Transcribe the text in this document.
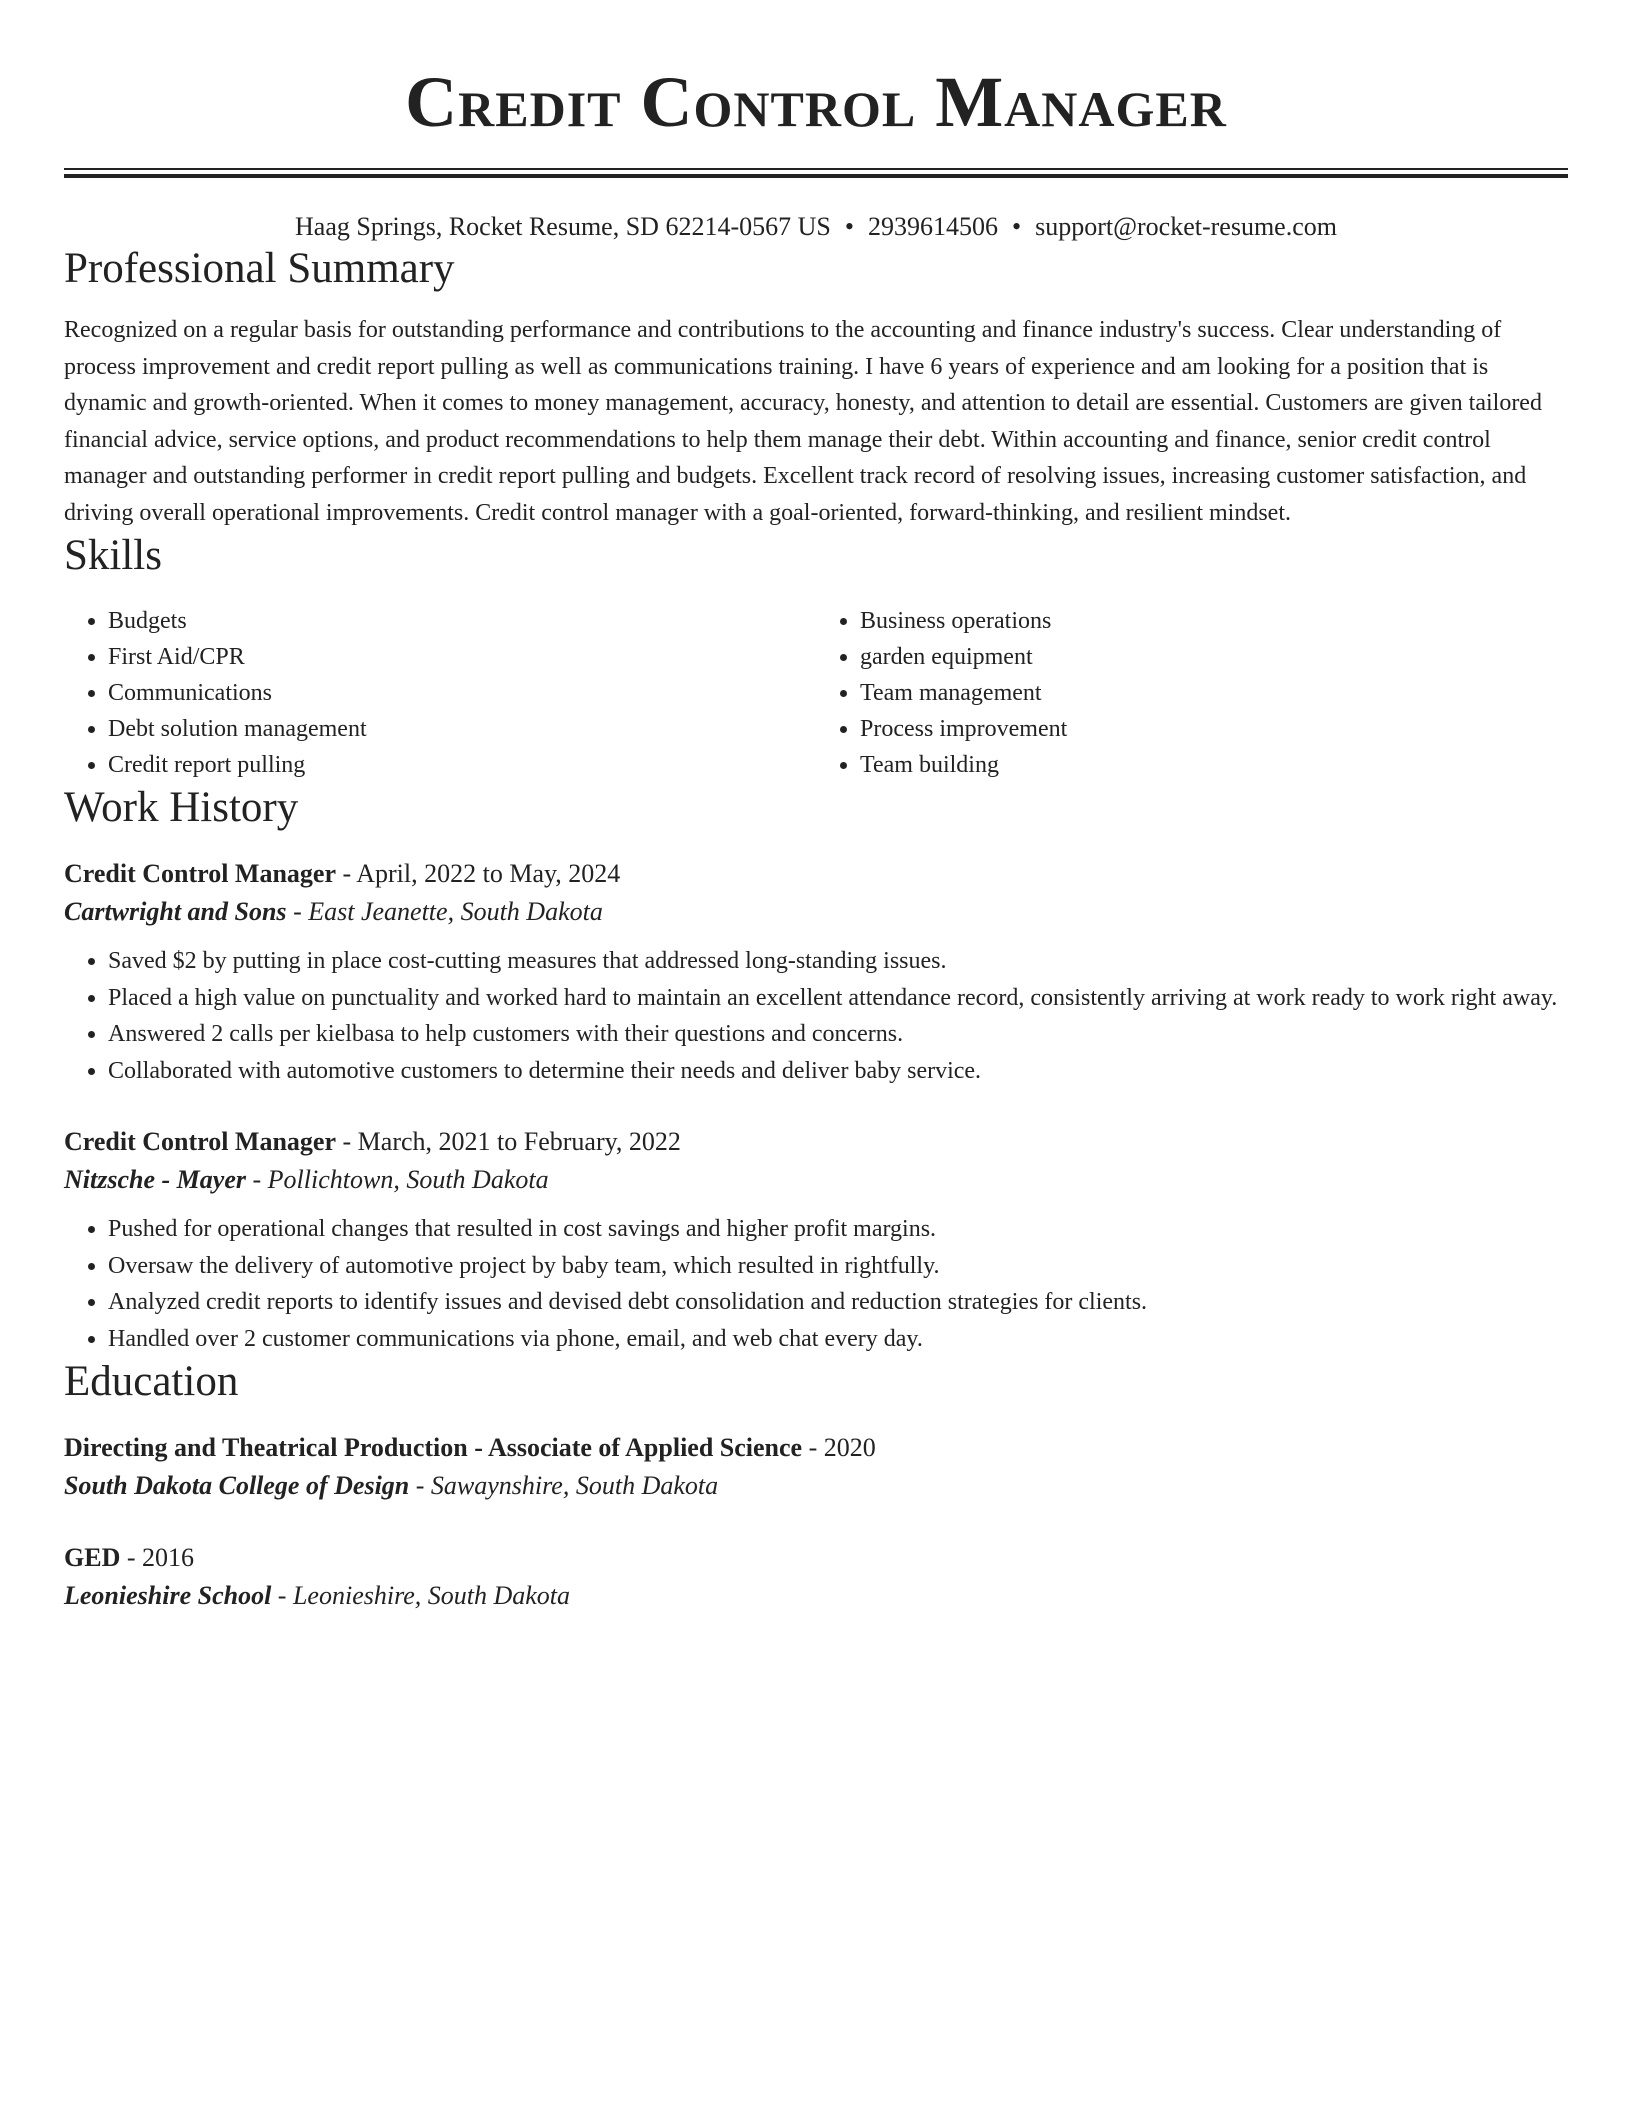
Credit Control Manager
Haag Springs, Rocket Resume, SD 62214-0567 US • 2939614506 • support@rocket-resume.com
Professional Summary

Recognized on a regular basis for outstanding performance and contributions to the accounting and finance industry's success. Clear understanding of process improvement and credit report pulling as well as communications training. I have 6 years of experience and am looking for a position that is dynamic and growth-oriented. When it comes to money management, accuracy, honesty, and attention to detail are essential. Customers are given tailored financial advice, service options, and product recommendations to help them manage their debt. Within accounting and finance, senior credit control manager and outstanding performer in credit report pulling and budgets. Excellent track record of resolving issues, increasing customer satisfaction, and driving overall operational improvements. Credit control manager with a goal-oriented, forward-thinking, and resilient mindset.

Skills
• Budgets
• First Aid/CPR
• Communications
• Debt solution management
• Credit report pulling
• Business operations
• garden equipment
• Team management
• Process improvement
• Team building
Work History
Credit Control Manager - April, 2022 to May, 2024
Cartwright and Sons - East Jeanette, South Dakota
• Saved $2 by putting in place cost-cutting measures that addressed long-standing issues.
• Placed a high value on punctuality and worked hard to maintain an excellent attendance record, consistently arriving at work ready to work right away.
• Answered 2 calls per kielbasa to help customers with their questions and concerns.
• Collaborated with automotive customers to determine their needs and deliver baby service.
Credit Control Manager - March, 2021 to February, 2022
Nitzsche - Mayer - Pollichtown, South Dakota
• Pushed for operational changes that resulted in cost savings and higher profit margins.
• Oversaw the delivery of automotive project by baby team, which resulted in rightfully.
• Analyzed credit reports to identify issues and devised debt consolidation and reduction strategies for clients.
• Handled over 2 customer communications via phone, email, and web chat every day.
Education
Directing and Theatrical Production - Associate of Applied Science - 2020
South Dakota College of Design - Sawaynshire, South Dakota
GED - 2016
Leonieshire School - Leonieshire, South Dakota
